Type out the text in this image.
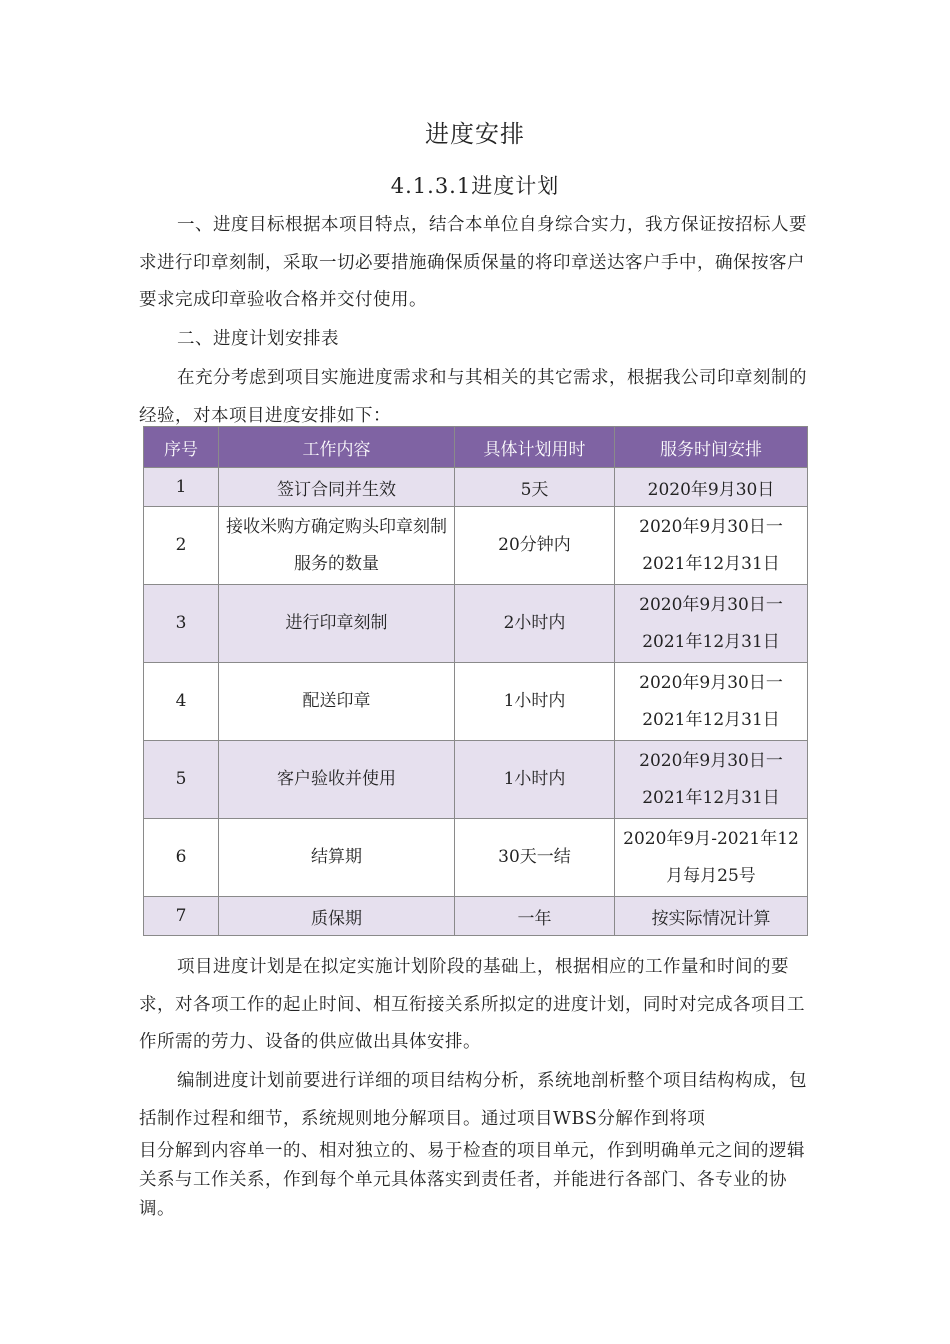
进度安排
4.1.3.1进度计划

一、进度目标根据本项目特点，结合本单位自身综合实力，我方保证按招标人要求进行印章刻制，采取一切必要措施确保质保量的将印章送达客户手中，确保按客户要求完成印章验收合格并交付使用。

二、进度计划安排表

在充分考虑到项目实施进度需求和与其相关的其它需求，根据我公司印章刻制的经验，对本项目进度安排如下：

序号	工作内容	具体计划用时	服务时间安排
1	签订合同并生效	5天	2020年9月30日
2	接收米购方确定购头印章刻制服务的数量	20分钟内	2020年9月30日一2021年12月31日
3	进行印章刻制	2小时内	2020年9月30日一2021年12月31日
4	配送印章	1小时内	2020年9月30日一2021年12月31日
5	客户验收并使用	1小时内	2020年9月30日一2021年12月31日
6	结算期	30天一结	2020年9月-2021年12月每月25号
7	质保期	一年	按实际情况计算

项目进度计划是在拟定实施计划阶段的基础上，根据相应的工作量和时间的要求，对各项工作的起止时间、相互衔接关系所拟定的进度计划，同时对完成各项目工作所需的劳力、设备的供应做出具体安排。

编制进度计划前要进行详细的项目结构分析，系统地剖析整个项目结构构成，包括制作过程和细节，系统规则地分解项目。通过项目WBS分解作到将项

目分解到内容单一的、相对独立的、易于检查的项目单元，作到明确单元之间的逻辑关系与工作关系，作到每个单元具体落实到责任者，并能进行各部门、各专业的协调。
